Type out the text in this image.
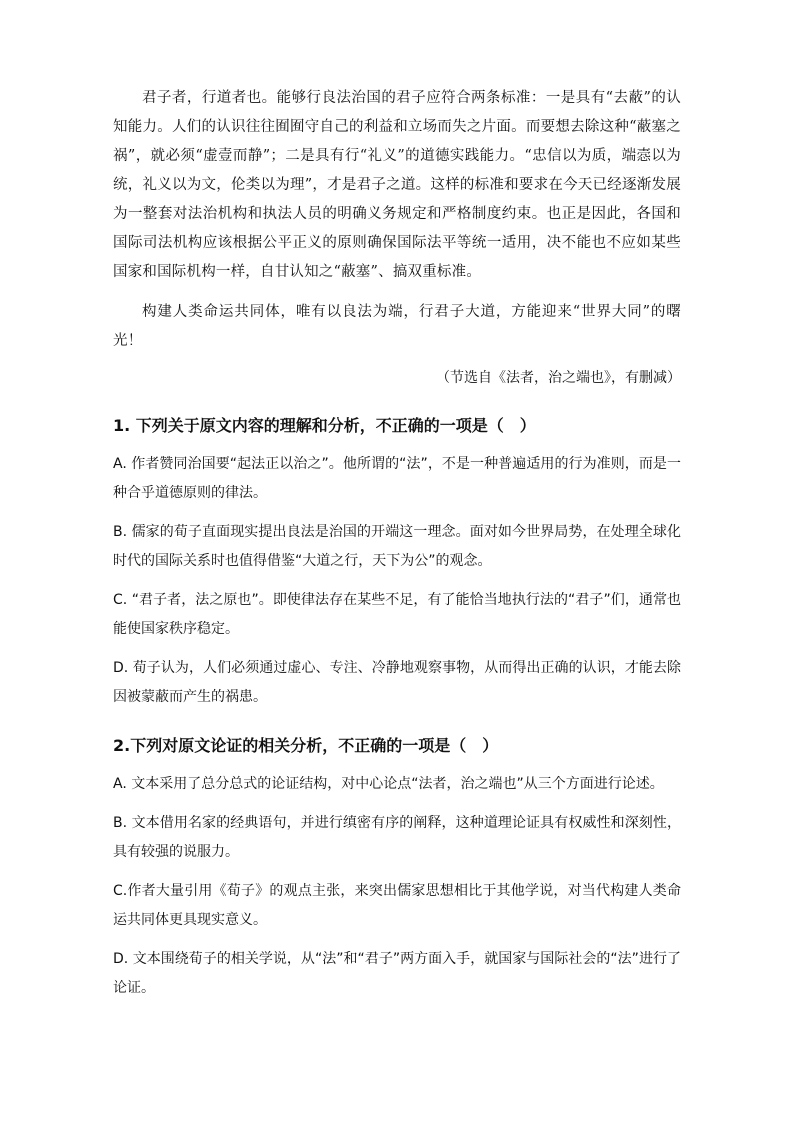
君子者，行道者也。能够行良法治国的君子应符合两条标准：一是具有“去蔽”的认知能力。人们的认识往往囿囿守自己的利益和立场而失之片面。而要想去除这种“蔽塞之祸”，就必须“虚壹而静”；二是具有行“礼义”的道德实践能力。“忠信以为质，端悫以为统，礼义以为文，伦类以为理”，才是君子之道。这样的标准和要求在今天已经逐渐发展为一整套对法治机构和执法人员的明确义务规定和严格制度约束。也正是因此，各国和国际司法机构应该根据公平正义的原则确保国际法平等统一适用，决不能也不应如某些国家和国际机构一样，自甘认知之“蔽塞”、搞双重标准。

构建人类命运共同体，唯有以良法为端，行君子大道，方能迎来“世界大同”的曙光！

（节选自《法者，治之端也》，有删减）
1. 下列关于原文内容的理解和分析，不正确的一项是（　）

A. 作者赞同治国要“起法正以治之”。他所谓的“法”，不是一种普遍适用的行为准则，而是一种合乎道德原则的律法。

B. 儒家的荀子直面现实提出良法是治国的开端这一理念。面对如今世界局势，在处理全球化时代的国际关系时也值得借鉴“大道之行，天下为公”的观念。

C. “君子者，法之原也”。即使律法存在某些不足，有了能恰当地执行法的“君子”们，通常也能使国家秩序稳定。

D. 荀子认为，人们必须通过虚心、专注、冷静地观察事物，从而得出正确的认识，才能去除因被蒙蔽而产生的祸患。

2.下列对原文论证的相关分析，不正确的一项是（　）

A. 文本采用了总分总式的论证结构，对中心论点“法者，治之端也”从三个方面进行论述。

B. 文本借用名家的经典语句，并进行缜密有序的阐释，这种道理论证具有权威性和深刻性，具有较强的说服力。

C.作者大量引用《荀子》的观点主张，来突出儒家思想相比于其他学说，对当代构建人类命运共同体更具现实意义。

D. 文本围绕荀子的相关学说，从“法”和“君子”两方面入手，就国家与国际社会的“法”进行了论证。
